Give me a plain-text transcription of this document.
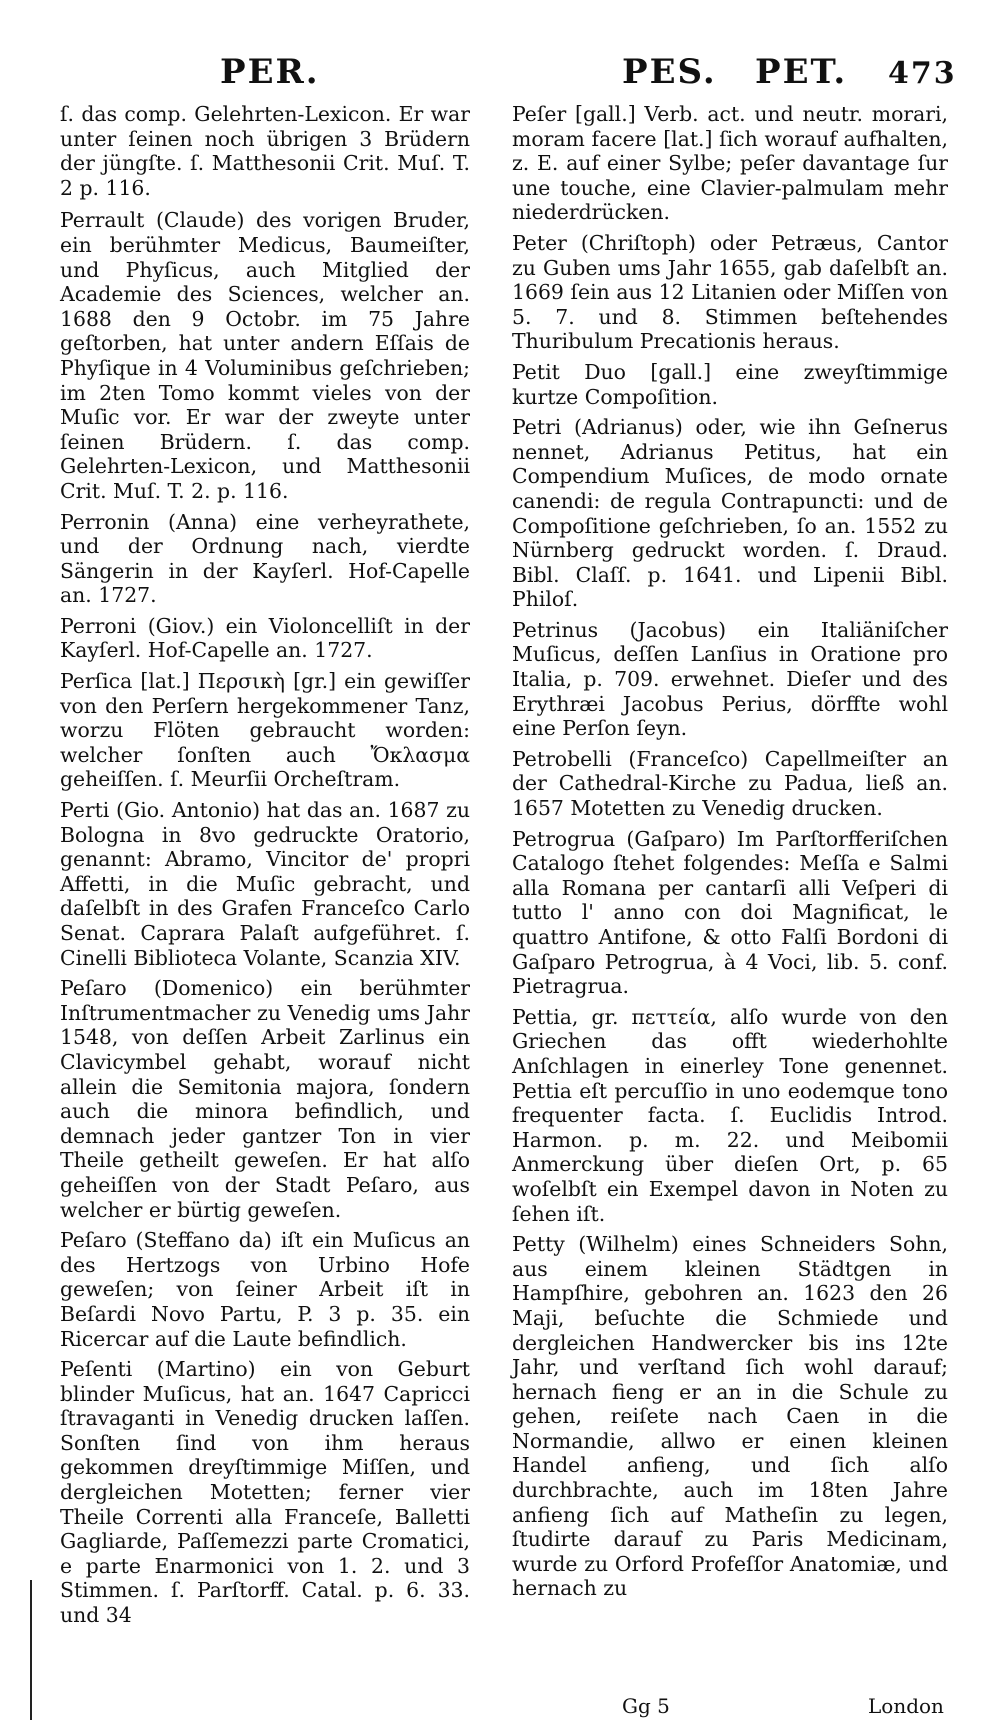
PER.	PES. PET. 473

ſ. das comp. Gelehrten-Lexicon. Er war unter ſeinen noch übrigen 3 Brüdern der jüngſte. ſ. Matthesonii Crit. Muſ. T. 2 p. 116.

Perrault (Claude) des vorigen Bruder, ein berühmter Medicus, Baumeiſter, und Phyſicus, auch Mitglied der Academie des Sciences, welcher an. 1688 den 9 Octobr. im 75 Jahre geſtorben, hat unter andern Eſſais de Phyſique in 4 Voluminibus geſchrieben; im 2ten Tomo kommt vieles von der Muſic vor. Er war der zweyte unter ſeinen Brüdern. ſ. das comp. Gelehrten-Lexicon, und Matthesonii Crit. Muſ. T. 2. p. 116.

Perronin (Anna) eine verheyrathete, und der Ordnung nach, vierdte Sängerin in der Kayſerl. Hof-Capelle an. 1727.

Perroni (Giov.) ein Violoncelliſt in der Kayſerl. Hof-Capelle an. 1727.

Perſica [lat.] Περσικὴ [gr.] ein gewiſſer von den Perſern hergekommener Tanz, worzu Flöten gebraucht worden: welcher ſonſten auch Ὄκλασμα geheiſſen. ſ. Meurſii Orcheſtram.

Perti (Gio. Antonio) hat das an. 1687 zu Bologna in 8vo gedruckte Oratorio, genannt: Abramo, Vincitor de' propri Affetti, in die Muſic gebracht, und daſelbſt in des Grafen Franceſco Carlo Senat. Caprara Palaſt aufgeführet. ſ. Cinelli Biblioteca Volante, Scanzia XIV.

Peſaro (Domenico) ein berühmter Inſtrumentmacher zu Venedig ums Jahr 1548, von deſſen Arbeit Zarlinus ein Clavicymbel gehabt, worauf nicht allein die Semitonia majora, ſondern auch die minora befindlich, und demnach jeder gantzer Ton in vier Theile getheilt geweſen. Er hat alſo geheiſſen von der Stadt Peſaro, aus welcher er bürtig geweſen.

Peſaro (Steffano da) iſt ein Muſicus an des Hertzogs von Urbino Hofe geweſen; von ſeiner Arbeit iſt in Beſardi Novo Partu, P. 3 p. 35. ein Ricercar auf die Laute befindlich.

Peſenti (Martino) ein von Geburt blinder Muſicus, hat an. 1647 Capricci ſtravaganti in Venedig drucken laſſen. Sonſten ſind von ihm heraus gekommen dreyſtimmige Miſſen, und dergleichen Motetten; ferner vier Theile Correnti alla Franceſe, Balletti Gagliarde, Paſſemezzi parte Cromatici, e parte Enarmonici von 1. 2. und 3 Stimmen. ſ. Parſtorff. Catal. p. 6. 33. und 34

Peſer [gall.] Verb. act. und neutr. morari, moram facere [lat.] ſich worauf aufhalten, z. E. auf einer Sylbe; peſer davantage ſur une touche, eine Clavier-palmulam mehr niederdrücken.

Peter (Chriſtoph) oder Petræus, Cantor zu Guben ums Jahr 1655, gab daſelbſt an. 1669 ſein aus 12 Litanien oder Miſſen von 5. 7. und 8. Stimmen beſtehendes Thuribulum Precationis heraus.

Petit Duo [gall.] eine zweyſtimmige kurtze Compoſition.

Petri (Adrianus) oder, wie ihn Geſnerus nennet, Adrianus Petitus, hat ein Compendium Muſices, de modo ornate canendi: de regula Contrapuncti: und de Compoſitione geſchrieben, ſo an. 1552 zu Nürnberg gedruckt worden. ſ. Draud. Bibl. Claſſ. p. 1641. und Lipenii Bibl. Philoſ.

Petrinus (Jacobus) ein Italiäniſcher Muſicus, deſſen Lanſius in Oratione pro Italia, p. 709. erwehnet. Dieſer und des Erythræi Jacobus Perius, dörffte wohl eine Perſon ſeyn.

Petrobelli (Franceſco) Capellmeiſter an der Cathedral-Kirche zu Padua, ließ an. 1657 Motetten zu Venedig drucken.

Petrogrua (Gaſparo) Im Parſtorfferiſchen Catalogo ſtehet folgendes: Meſſa e Salmi alla Romana per cantarſi alli Veſperi di tutto l' anno con doi Magnificat, le quattro Antifone, & otto Falſi Bordoni di Gaſparo Petrogrua, à 4 Voci, lib. 5. conf. Pietragrua.

Pettia, gr. πεττεία, alſo wurde von den Griechen das offt wiederhohlte Anſchlagen in einerley Tone genennet. Pettia eſt percuſſio in uno eodemque tono frequenter facta. ſ. Euclidis Introd. Harmon. p. m. 22. und Meibomii Anmerckung über dieſen Ort, p. 65 woſelbſt ein Exempel davon in Noten zu ſehen iſt.

Petty (Wilhelm) eines Schneiders Sohn, aus einem kleinen Städtgen in Hampſhire, gebohren an. 1623 den 26 Maji, beſuchte die Schmiede und dergleichen Handwercker bis ins 12te Jahr, und verſtand ſich wohl darauf; hernach fieng er an in die Schule zu gehen, reiſete nach Caen in die Normandie, allwo er einen kleinen Handel anfieng, und ſich alſo durchbrachte, auch im 18ten Jahre anfieng ſich auf Matheſin zu legen, ſtudirte darauf zu Paris Medicinam, wurde zu Orford Profeſſor Anatomiæ, und hernach zu

Gg 5	London
